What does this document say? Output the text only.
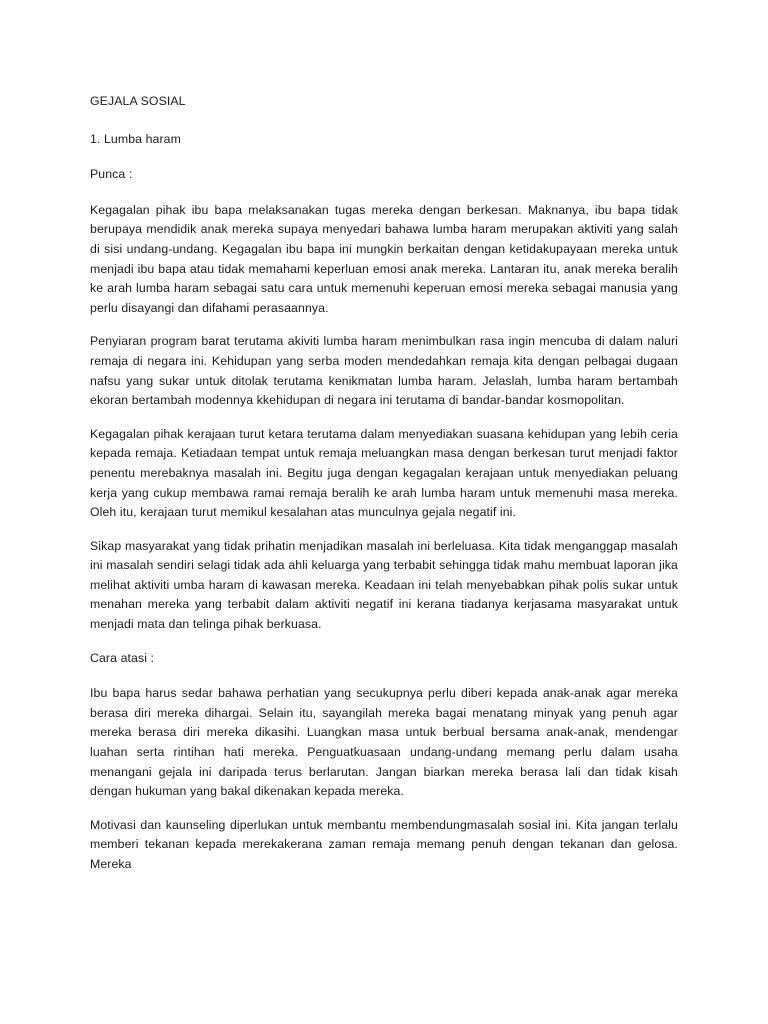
GEJALA SOSIAL
1. Lumba haram
Punca :

Kegagalan pihak ibu bapa melaksanakan tugas mereka dengan berkesan. Maknanya, ibu bapa tidak berupaya mendidik anak mereka supaya menyedari bahawa lumba haram merupakan aktiviti yang salah di sisi undang-undang. Kegagalan ibu bapa ini mungkin berkaitan dengan ketidakupayaan mereka untuk menjadi ibu bapa atau tidak memahami keperluan emosi anak mereka. Lantaran itu, anak mereka beralih ke arah lumba haram sebagai satu cara untuk memenuhi keperuan emosi mereka sebagai manusia yang perlu disayangi dan difahami perasaannya.

Penyiaran program barat terutama akiviti lumba haram menimbulkan rasa ingin mencuba di dalam naluri remaja di negara ini. Kehidupan yang serba moden mendedahkan remaja kita dengan pelbagai dugaan nafsu yang sukar untuk ditolak terutama kenikmatan lumba haram. Jelaslah, lumba haram bertambah ekoran bertambah modennya kkehidupan di negara ini terutama di bandar-bandar kosmopolitan.

Kegagalan pihak kerajaan turut ketara terutama dalam menyediakan suasana kehidupan yang lebih ceria kepada remaja. Ketiadaan tempat untuk remaja meluangkan masa dengan berkesan turut menjadi faktor penentu merebaknya masalah ini. Begitu juga dengan kegagalan kerajaan untuk menyediakan peluang kerja yang cukup membawa ramai remaja beralih ke arah lumba haram untuk memenuhi masa mereka. Oleh itu, kerajaan turut memikul kesalahan atas munculnya gejala negatif ini.

Sikap masyarakat yang tidak prihatin menjadikan masalah ini berleluasa. Kita tidak menganggap masalah ini masalah sendiri selagi tidak ada ahli keluarga yang terbabit sehingga tidak mahu membuat laporan jika melihat aktiviti umba haram di kawasan mereka. Keadaan ini telah menyebabkan pihak polis sukar untuk menahan mereka yang terbabit dalam aktiviti negatif ini kerana tiadanya kerjasama masyarakat untuk menjadi mata dan telinga pihak berkuasa.

Cara atasi :

Ibu bapa harus sedar bahawa perhatian yang secukupnya perlu diberi kepada anak-anak agar mereka berasa diri mereka dihargai. Selain itu, sayangilah mereka bagai menatang minyak yang penuh agar mereka berasa diri mereka dikasihi. Luangkan masa untuk berbual bersama anak-anak, mendengar luahan serta rintihan hati mereka. Penguatkuasaan undang-undang memang perlu dalam usaha menangani gejala ini daripada terus berlarutan. Jangan biarkan mereka berasa lali dan tidak kisah dengan hukuman yang bakal dikenakan kepada mereka.

Motivasi dan kaunseling diperlukan untuk membantu membendungmasalah sosial ini. Kita jangan terlalu memberi tekanan kepada merekakerana zaman remaja memang penuh dengan tekanan dan gelosa. Mereka
